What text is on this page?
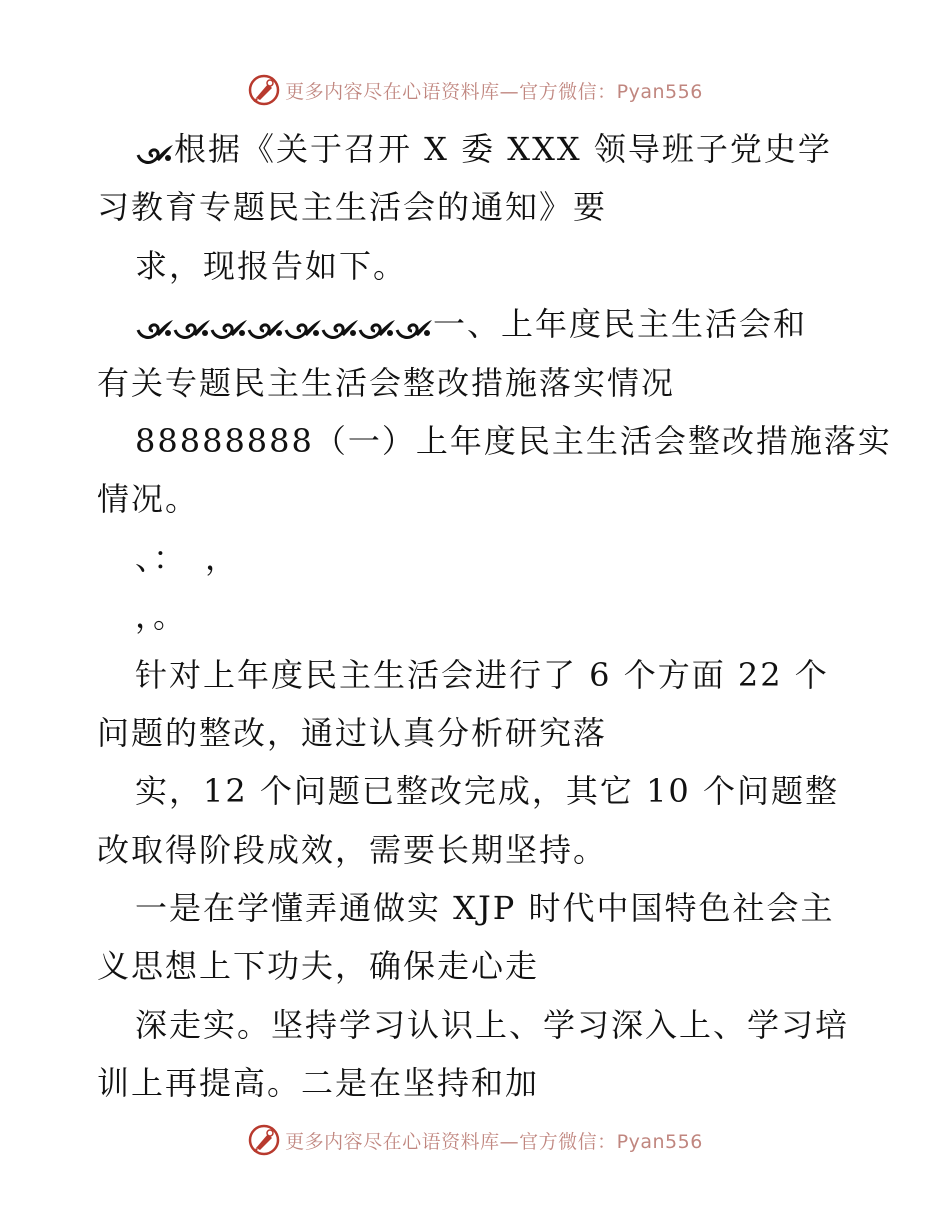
更多内容尽在心语资料库—官方微信：Pyan556
根据《关于召开 X 委 XXX 领导班子党史学
习教育专题民主生活会的通知》要
求，现报告如下。
一、上年度民主生活会和
有关专题民主生活会整改措施落实情况
88888888（一）上年度民主生活会整改措施落实
情况。
、：　，
，。
针对上年度民主生活会进行了 6 个方面 22 个
问题的整改，通过认真分析研究落
实，12 个问题已整改完成，其它 10 个问题整
改取得阶段成效，需要长期坚持。
一是在学懂弄通做实 XJP 时代中国特色社会主
义思想上下功夫，确保走心走
深走实。坚持学习认识上、学习深入上、学习培
训上再提高。二是在坚持和加
更多内容尽在心语资料库—官方微信：Pyan556
